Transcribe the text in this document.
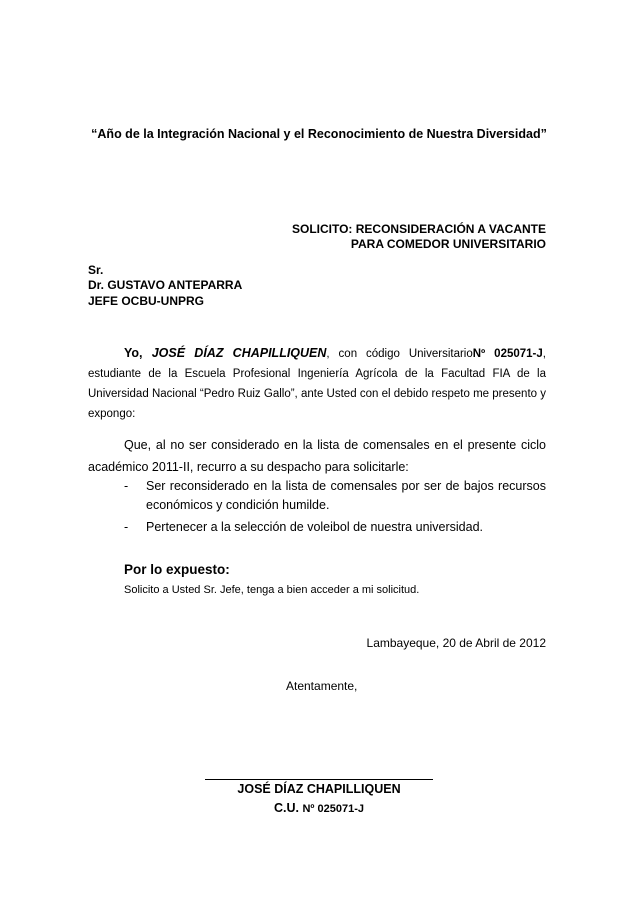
“Año de la Integración Nacional y el Reconocimiento de Nuestra Diversidad”
SOLICITO: RECONSIDERACIÓN A VACANTE
PARA COMEDOR UNIVERSITARIO
Sr.
Dr. GUSTAVO ANTEPARRA
JEFE OCBU-UNPRG
Yo, JOSÉ DÍAZ CHAPILLIQUEN, con código UniversitarioNº 025071-J, estudiante de la Escuela Profesional Ingeniería Agrícola de la Facultad FIA de la Universidad Nacional “Pedro Ruiz Gallo”, ante Usted con el debido respeto me presento y expongo:
Que, al no ser considerado en la lista de comensales en el presente ciclo académico 2011-II, recurro a su despacho para solicitarle:
-	Ser reconsiderado en la lista de comensales por ser de bajos recursos económicos y condición humilde.
-	Pertenecer a la selección de voleibol de nuestra universidad.
Por lo expuesto:
Solicito a Usted Sr. Jefe, tenga a bien acceder a mi solicitud.
Lambayeque, 20 de Abril de 2012
Atentamente,
JOSÉ DÍAZ CHAPILLIQUEN
C.U. Nº 025071-J
